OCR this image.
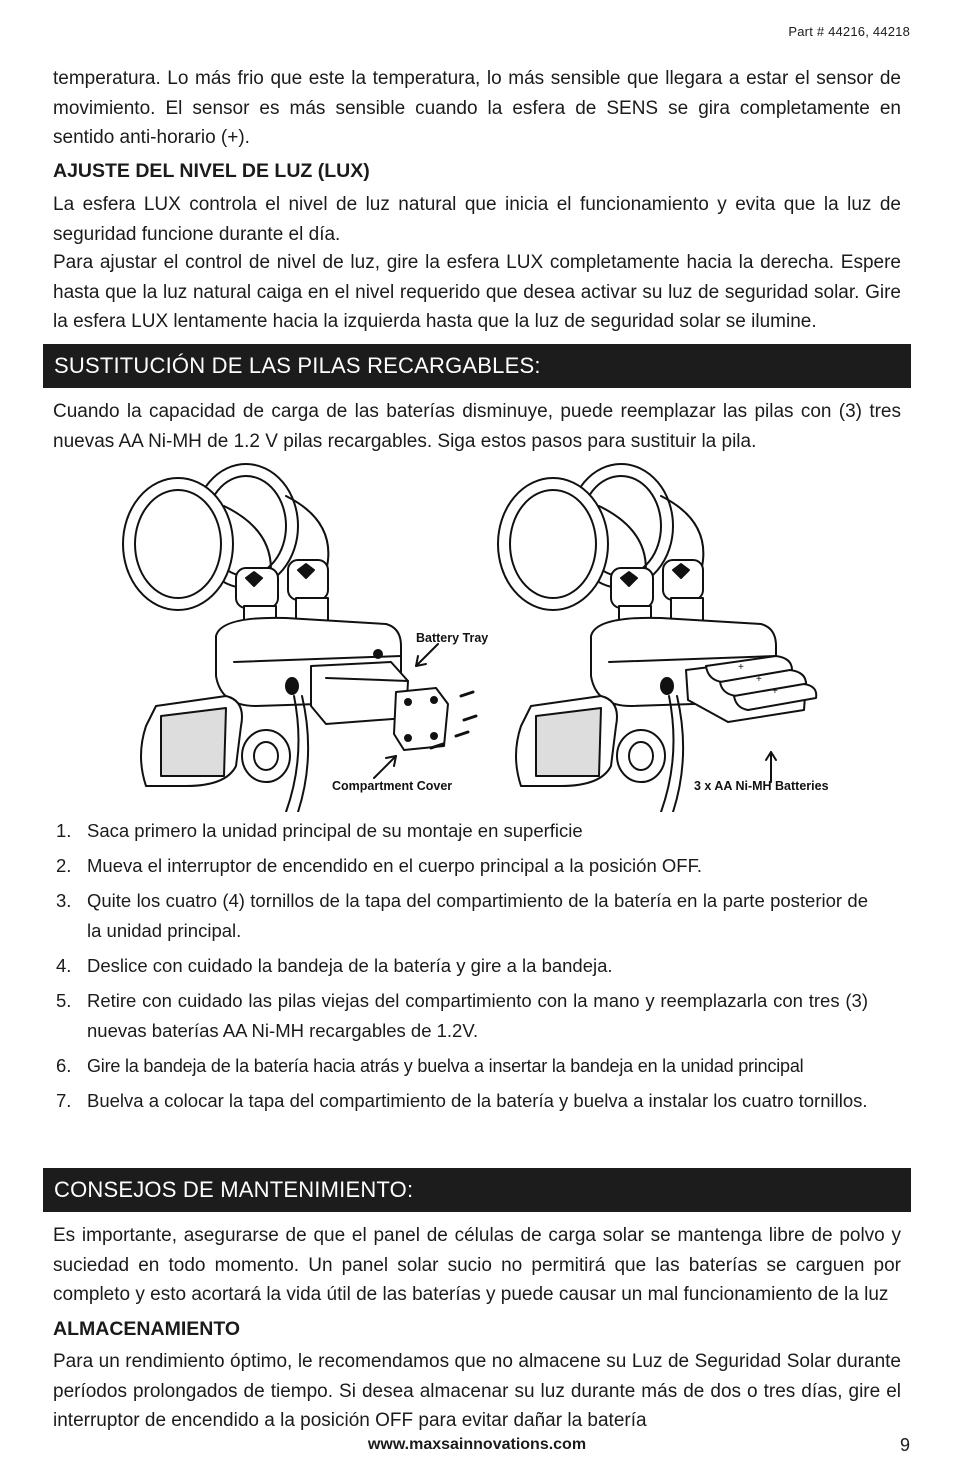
Part # 44216, 44218

temperatura. Lo más frio que este la temperatura, lo más sensible que llegara a estar el sensor de movimiento. El sensor es más sensible cuando la esfera de SENS se gira completamente en sentido anti-horario (+).

AJUSTE DEL NIVEL DE LUZ (LUX)

La esfera LUX controla el nivel de luz natural que inicia el funcionamiento y evita que la luz de seguridad funcione durante el día.

Para ajustar el control de nivel de luz, gire la esfera LUX completamente hacia la derecha. Espere hasta que la luz natural caiga en el nivel requerido que desea activar su luz de seguridad solar. Gire la esfera LUX lentamente hacia la izquierda hasta que la luz de seguridad solar se ilumine.

SUSTITUCIÓN DE LAS PILAS RECARGABLES:

Cuando la capacidad de carga de las baterías disminuye, puede reemplazar las pilas con (3) tres nuevas AA Ni-MH de 1.2 V pilas recargables. Siga estos pasos para sustituir la pila.

+
+
+
Battery Tray
Compartment Cover	3 x AA Ni-MH Batteries
1. Saca primero la unidad principal de su montaje en superficie
2. Mueva el interruptor de encendido en el cuerpo principal a la posición OFF.
3. Quite los cuatro (4) tornillos de la tapa del compartimiento de la batería en la parte posterior de la unidad principal.
4. Deslice con cuidado la bandeja de la batería y gire a la bandeja.
5. Retire con cuidado las pilas viejas del compartimiento con la mano y reemplazarla con tres (3) nuevas baterías AA Ni-MH recargables de 1.2V.
6. Gire la bandeja de la batería hacia atrás y buelva a insertar la bandeja en la unidad principal
7. Buelva a colocar la tapa del compartimiento de la batería y buelva a instalar los cuatro tornillos.
CONSEJOS DE MANTENIMIENTO:

Es importante, asegurarse de que el panel de células de carga solar se mantenga libre de polvo y suciedad en todo momento. Un panel solar sucio no permitirá que las baterías se carguen por completo y esto acortará la vida útil de las baterías y puede causar un mal funcionamiento de la luz

ALMACENAMIENTO

Para un rendimiento óptimo, le recomendamos que no almacene su Luz de Seguridad Solar durante períodos prolongados de tiempo. Si desea almacenar su luz durante más de dos o tres días, gire el interruptor de encendido a la posición OFF para evitar dañar la batería

www.maxsainnovations.com	9
